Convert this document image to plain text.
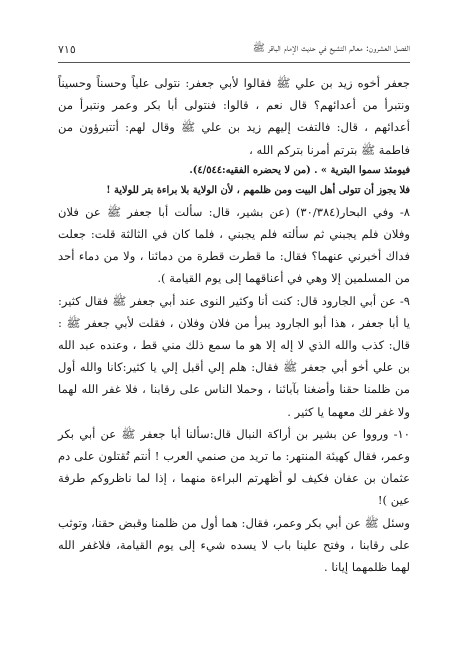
الفصل العشرون: معالم التشيع في حديث الإمام الباقر ﷺ
٧١٥

جعفر أخوه زيد بن علي ﷺ فقالوا لأبي جعفر: نتولى علياً وحسناً وحسيناً ونتبرأ من أعدائهم؟ قال نعم ، قالوا: فنتولى أبا بكر وعمر ونتبرأ من أعدائهم ، قال: فالتفت إليهم زيد بن علي ﷺ وقال لهم: أتتبرؤون من فاطمة ﷺ بترتم أمرنا بتركم الله ،

فيومئذ سموا البترية » . (من لا يحضره الفقيه:٤/٥٤٤).

فلا يجوز أن تتولى أهل البيت ومن ظلمهم ، لأن الولاية بلا براءة بتر للولاية !

٨- وفي البحار(٣٠/٣٨٤) (عن بشير، قال: سألت أبا جعفر ﷺ عن فلان وفلان فلم يجبني ثم سألته فلم يجبني ، فلما كان في الثالثة قلت: جعلت فداك أخبرني عنهما؟ فقال: ما قطرت قطرة من دمائنا ، ولا من دماء أحد من المسلمين إلا وهي في أعناقهما إلى يوم القيامة ).

٩- عن أبي الجارود قال: كنت أنا وكثير النوى عند أبي جعفر ﷺ فقال كثير: يا أبا جعفر ، هذا أبو الجارود يبرأ من فلان وفلان ، فقلت لأبي جعفر ﷺ : قال: كذب والله الذي لا إله إلا هو ما سمع ذلك مني قط ، وعنده عبد الله بن علي أخو أبي جعفر ﷺ فقال: هلم إلي أقبل إلي يا كثير:كانا والله أول من ظلمنا حقنا وأضغنا بآبائنا ، وحملا الناس على رقابنا ، فلا غفر الله لهما ولا غفر لك معهما يا كثير .

١٠- ورووا عن بشير بن أراكة النبال قال:سألنا أبا جعفر ﷺ عن أبي بكر وعمر، فقال كهيئة المنتهر: ما تريد من صنمي العرب ! أنتم تُقتلون على دم عثمان بن عفان فكيف لو أظهرتم البراءة منهما ، إذا لما ناظروكم طرفة عين )!

وسئل ﷺ عن أبي بكر وعمر، فقال: هما أول من ظلمنا وقبض حقنا، وتوثب على رقابنا ، وفتح علينا باب لا يسده شيء إلى يوم القيامة، فلاغفر الله لهما ظلمهما إيانا .
